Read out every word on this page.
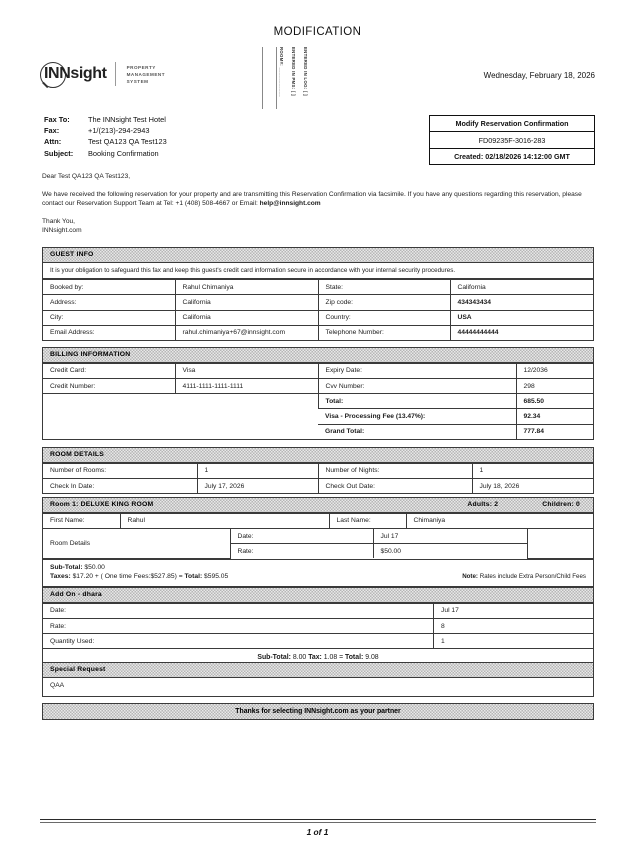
MODIFICATION
INNsight	PROPERTY
MANAGEMENT
SYSTEM	ENTERED IN LOG: [ ]
ENTERED IN PMS: [ ]
ROOM#: ___________	Wednesday, February 18, 2026
Fax To:	The INNsight Test Hotel
Fax:	+1/(213)-294-2943
Attn:	Test QA123 QA Test123
Subject:	Booking Confirmation
Modify Reservation Confirmation
FD09235F-3016-283
Created: 02/18/2026 14:12:00 GMT
Dear Test QA123 QA Test123,
We have received the following reservation for your property and are transmitting this Reservation Confirmation via facsimile. If you have any questions regarding this reservation, please contact our Reservation Support Team at Tel: +1 (408) 508-4667 or Email: help@innsight.com
Thank You,
INNsight.com
GUEST INFO
It is your obligation to safeguard this fax and keep this guest's credit card information secure in accordance with your internal security procedures.
Booked by:	Rahul Chimaniya	State:	California
Address:	California	Zip code:	434343434
City:	California	Country:	USA
Email Address:	rahul.chimaniya+67@innsight.com	Telephone Number:	44444444444
BILLING INFORMATION
Credit Card:	Visa	Expiry Date:	12/2036
Credit Number:	4111-1111-1111-1111	Cvv Number:	298
		Total:	685.50
		Visa - Processing Fee (13.47%):	92.34
		Grand Total:	777.84
ROOM DETAILS
Number of Rooms:	1	Number of Nights:	1
Check In Date:	July 17, 2026	Check Out Date:	July 18, 2026
Room 1: DELUXE KING ROOM	Adults: 2	Children: 0
First Name:	Rahul	Last Name:	Chimaniya
Room Details	Date:	Jul 17	
	Rate:	$50.00	
Sub-Total: $50.00
Taxes: $17.20 + ( One time Fees:$527.85) = Total: $595.05	Note: Rates include Extra Person/Child Fees
Add On - dhara
Date:	Jul 17
Rate:	8
Quantity Used:	1
Sub-Total: 8.00 Tax: 1.08 = Total: 9.08
Special Request
QAA
Thanks for selecting INNsight.com as your partner
1 of 1
